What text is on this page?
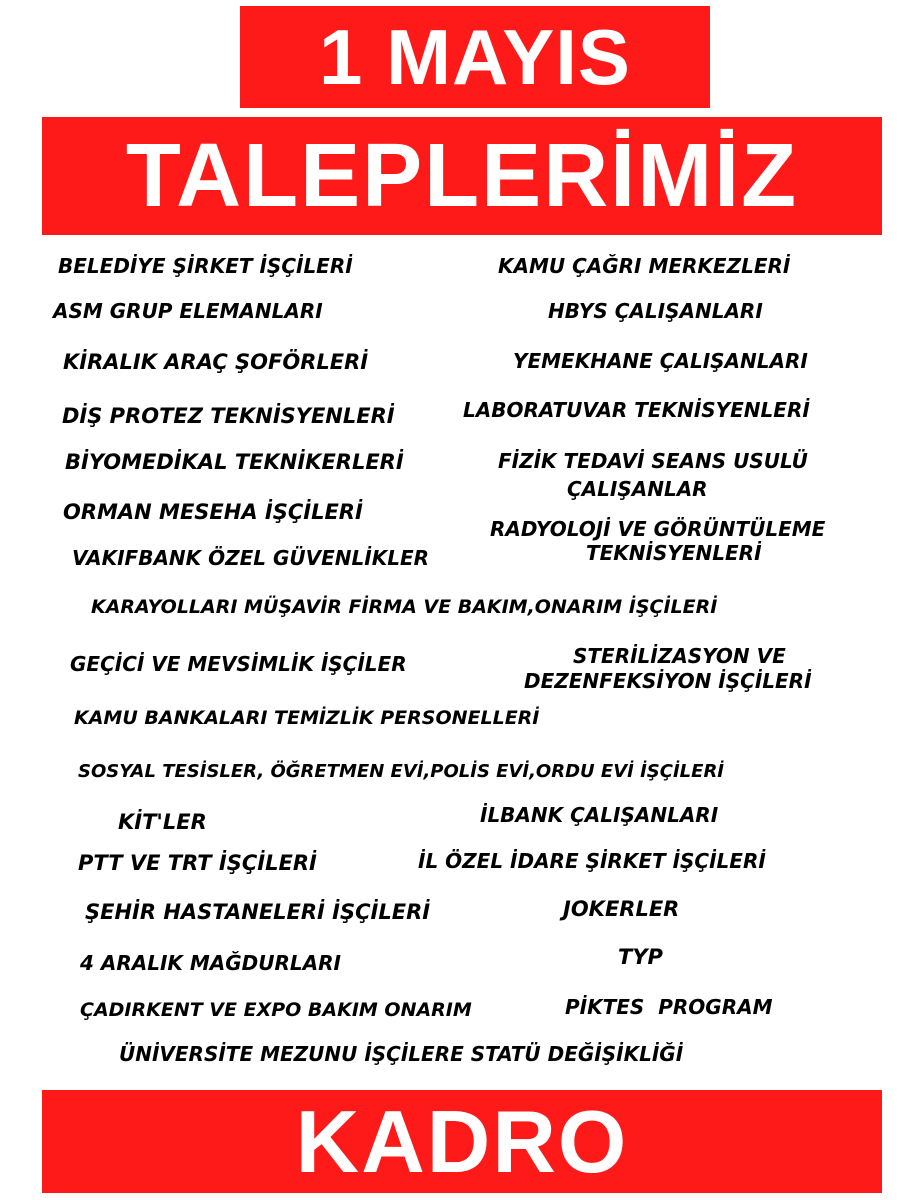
1 MAYIS
TALEPLERİMİZ
BELEDİYE ŞİRKET İŞÇİLERİ
ASM GRUP ELEMANLARI
KİRALIK ARAÇ ŞOFÖRLERİ
DİŞ PROTEZ TEKNİSYENLERİ
BİYOMEDİKAL TEKNİKERLERİ
ORMAN MESEHA İŞÇİLERİ
VAKIFBANK ÖZEL GÜVENLİKLER
GEÇİCİ VE MEVSİMLİK İŞÇİLER
KAMU BANKALARI TEMİZLİK PERSONELLERİ
KİT'LER
PTT VE TRT İŞÇİLERİ
ŞEHİR HASTANELERİ İŞÇİLERİ
4 ARALIK MAĞDURLARI
ÇADIRKENT VE EXPO BAKIM ONARIM
KAMU ÇAĞRI MERKEZLERİ
HBYS ÇALIŞANLARI
YEMEKHANE ÇALIŞANLARI
LABORATUVAR TEKNİSYENLERİ
FİZİK TEDAVİ SEANS USULÜ
ÇALIŞANLAR
RADYOLOJİ VE GÖRÜNTÜLEME
TEKNİSYENLERİ
STERİLİZASYON VE
DEZENFEKSİYON İŞÇİLERİ
İLBANK ÇALIŞANLARI
İL ÖZEL İDARE ŞİRKET İŞÇİLERİ
JOKERLER
TYP
PİKTES  PROGRAM
KARAYOLLARI MÜŞAVİR FİRMA VE BAKIM,ONARIM İŞÇİLERİ
SOSYAL TESİSLER, ÖĞRETMEN EVİ,POLİS EVİ,ORDU EVİ İŞÇİLERİ
ÜNİVERSİTE MEZUNU İŞÇİLERE STATÜ DEĞİŞİKLİĞİ
KADRO
